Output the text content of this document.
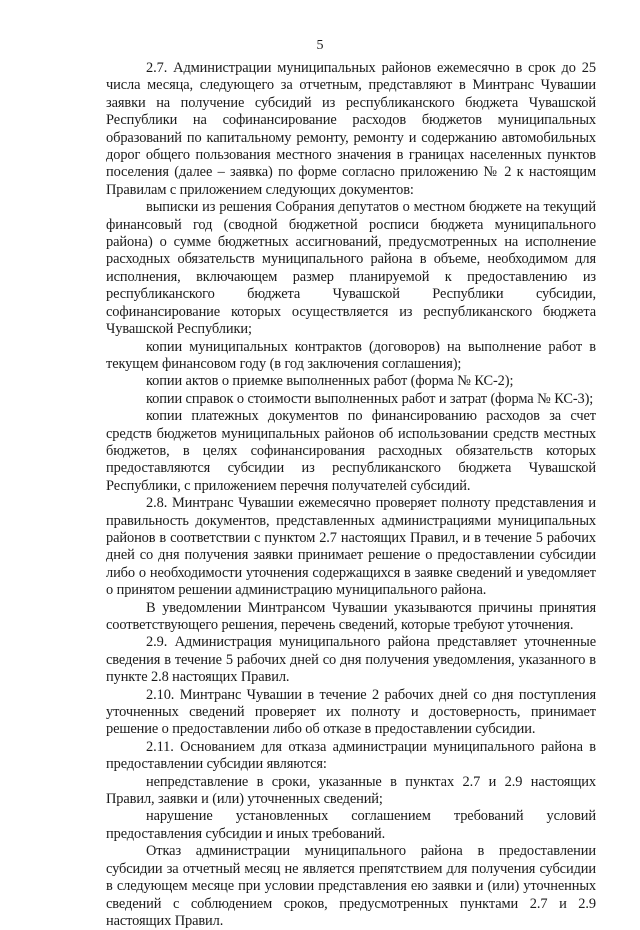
5

2.7. Администрации муниципальных районов ежемесячно в срок до 25 числа месяца, следующего за отчетным, представляют в Минтранс Чувашии заявки на получение субсидий из республиканского бюджета Чувашской Республики на софинансирование расходов бюджетов муниципальных образований по капитальному ремонту, ремонту и содержанию автомобильных дорог общего пользования местного значения в границах населенных пунктов поселения (далее – заявка) по форме согласно приложению № 2 к настоящим Правилам с приложением следующих документов:

выписки из решения Собрания депутатов о местном бюджете на текущий финансовый год (сводной бюджетной росписи бюджета муниципального района) о сумме бюджетных ассигнований, предусмотренных на исполнение расходных обязательств муниципального района в объеме, необходимом для исполнения, включающем размер планируемой к предоставлению из республиканского бюджета Чувашской Республики субсидии, софинансирование которых осуществляется из республиканского бюджета Чувашской Республики;

копии муниципальных контрактов (договоров) на выполнение работ в текущем финансовом году (в год заключения соглашения);

копии актов о приемке выполненных работ (форма № КС-2);

копии справок о стоимости выполненных работ и затрат (форма № КС-3);

копии платежных документов по финансированию расходов за счет средств бюджетов муниципальных районов об использовании средств местных бюджетов, в целях софинансирования расходных обязательств которых предоставляются субсидии из республиканского бюджета Чувашской Республики, с приложением перечня получателей субсидий.

2.8. Минтранс Чувашии ежемесячно проверяет полноту представления и правильность документов, представленных администрациями муниципальных районов в соответствии с пунктом 2.7 настоящих Правил, и в течение 5 рабочих дней со дня получения заявки принимает решение о предоставлении субсидии либо о необходимости уточнения содержащихся в заявке сведений и уведомляет о принятом решении администрацию муниципального района.

В уведомлении Минтрансом Чувашии указываются причины принятия соответствующего решения, перечень сведений, которые требуют уточнения.

2.9. Администрация муниципального района представляет уточненные сведения в течение 5 рабочих дней со дня получения уведомления, указанного в пункте 2.8 настоящих Правил.

2.10. Минтранс Чувашии в течение 2 рабочих дней со дня поступления уточненных сведений проверяет их полноту и достоверность, принимает решение о предоставлении либо об отказе в предоставлении субсидии.

2.11. Основанием для отказа администрации муниципального района в предоставлении субсидии являются:

непредставление в сроки, указанные в пунктах 2.7 и 2.9 настоящих Правил, заявки и (или) уточненных сведений;

нарушение установленных соглашением требований условий предоставления субсидии и иных требований.

Отказ администрации муниципального района в предоставлении субсидии за отчетный месяц не является препятствием для получения субсидии в следующем месяце при условии представления ею заявки и (или) уточненных сведений с соблюдением сроков, предусмотренных пунктами 2.7 и 2.9 настоящих Правил.
